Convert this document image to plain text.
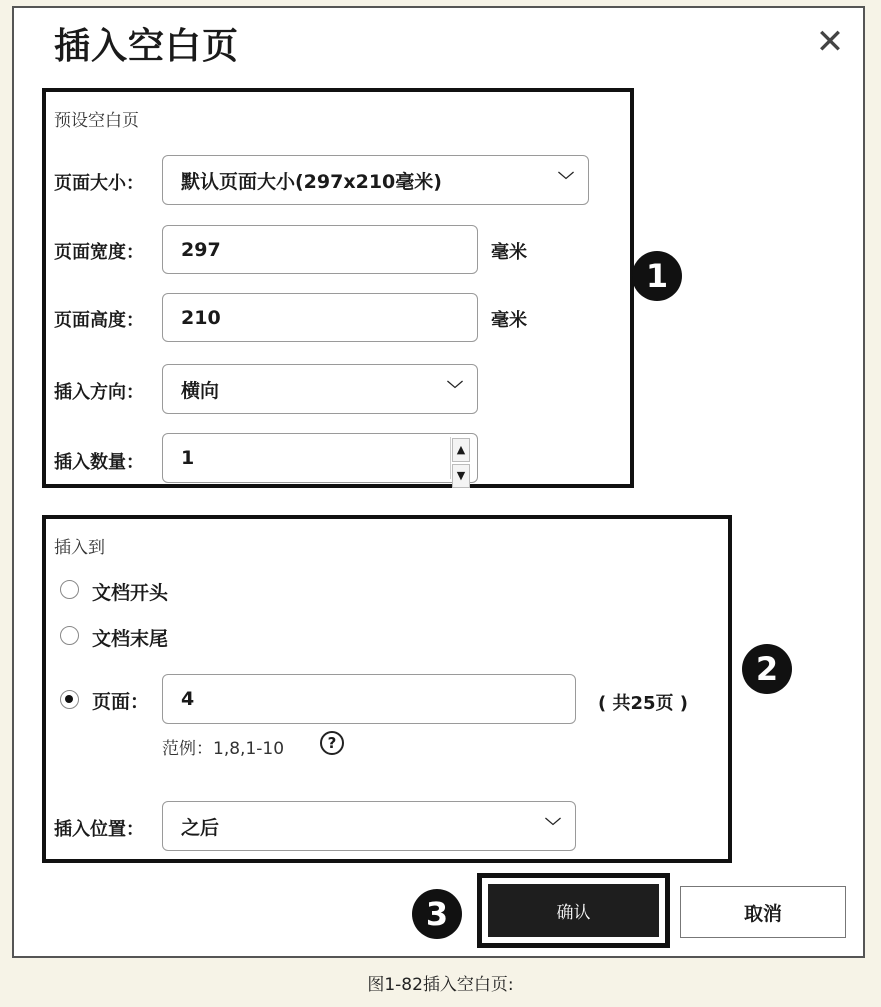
插入空白页	✕
预设空白页
页面大小： 默认页面大小(297x210毫米)	﹀
页面宽度： 297	毫米
页面高度： 210	毫米
插入方向： 横向	﹀
插入数量： 1	▲
▼
1
插入到
文档开头
文档末尾
页面： 4	( 共25页 )
范例：1,8,1-10	?
插入位置： 之后	﹀
2
3	确认	取消
图1-82插入空白页:
